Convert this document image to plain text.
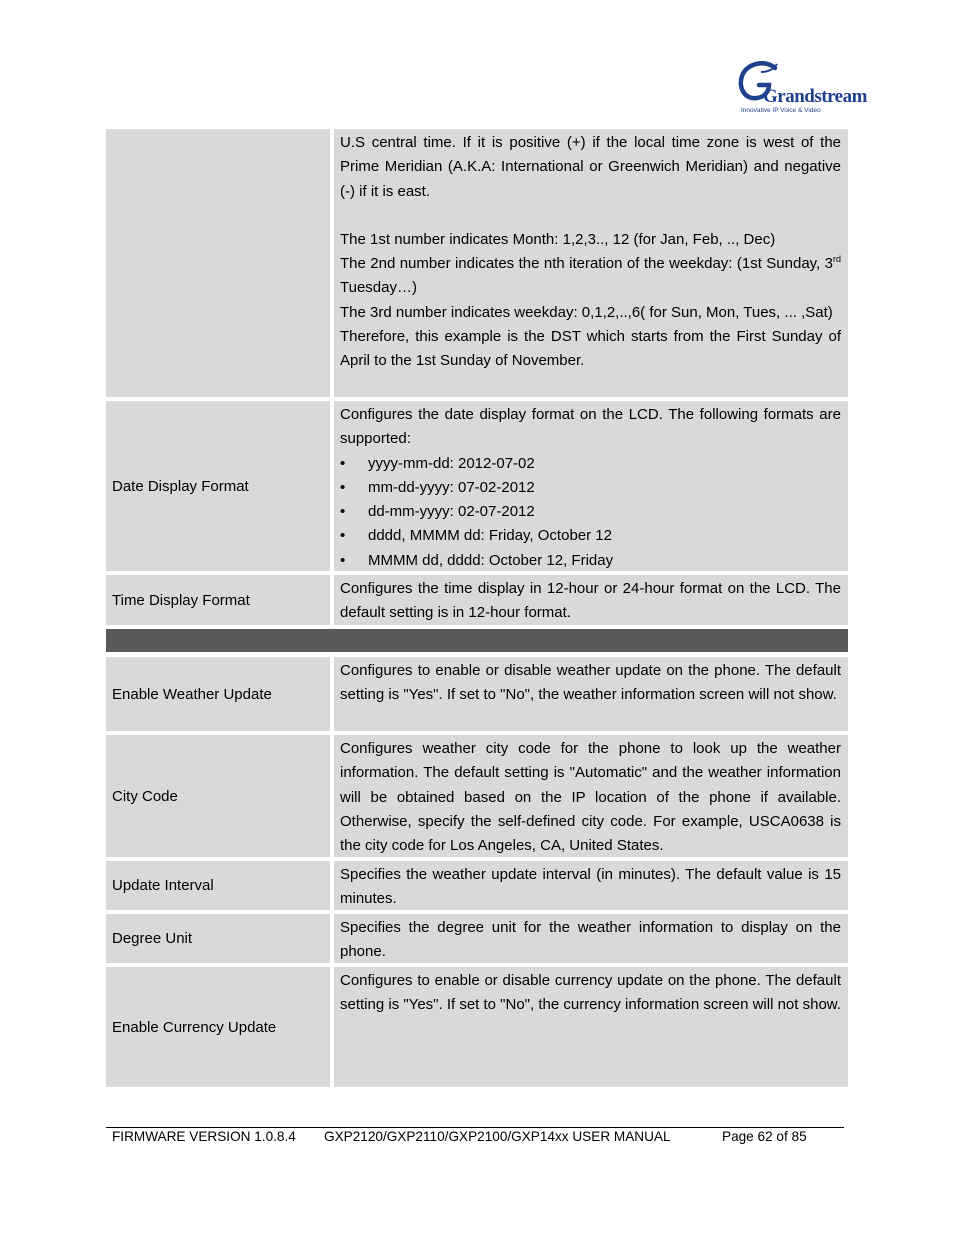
Grandstream
Innovative IP Voice & Video

U.S central time. If it is positive (+) if the local time zone is west of the Prime Meridian (A.K.A: International or Greenwich Meridian) and negative (-) if it is east.

The 1st number indicates Month: 1,2,3.., 12 (for Jan, Feb, .., Dec)

The 2nd number indicates the nth iteration of the weekday: (1st Sunday, 3rd Tuesday…)

The 3rd number indicates weekday: 0,1,2,..,6( for Sun, Mon, Tues, ... ,Sat)

Therefore, this example is the DST which starts from the First Sunday of April to the 1st Sunday of November.

Date Display Format

Configures the date display format on the LCD. The following formats are supported:

• yyyy-mm-dd: 2012-07-02
• mm-dd-yyyy: 07-02-2012
• dd-mm-yyyy: 02-07-2012
• dddd, MMMM dd: Friday, October 12
• MMMM dd, dddd: October 12, Friday
Time Display Format

Configures the time display in 12-hour or 24-hour format on the LCD. The default setting is in 12-hour format.

Enable Weather Update

Configures to enable or disable weather update on the phone. The default setting is "Yes". If set to "No", the weather information screen will not show.

City Code

Configures weather city code for the phone to look up the weather information. The default setting is "Automatic" and the weather information will be obtained based on the IP location of the phone if available. Otherwise, specify the self-defined city code. For example, USCA0638 is the city code for Los Angeles, CA, United States.

Update Interval

Specifies the weather update interval (in minutes). The default value is 15 minutes.

Degree Unit

Specifies the degree unit for the weather information to display on the phone.

Enable Currency Update

Configures to enable or disable currency update on the phone. The default setting is "Yes". If set to "No", the currency information screen will not show.

FIRMWARE VERSION 1.0.8.4 GXP2120/GXP2110/GXP2100/GXP14xx USER MANUAL	Page 62 of 85
